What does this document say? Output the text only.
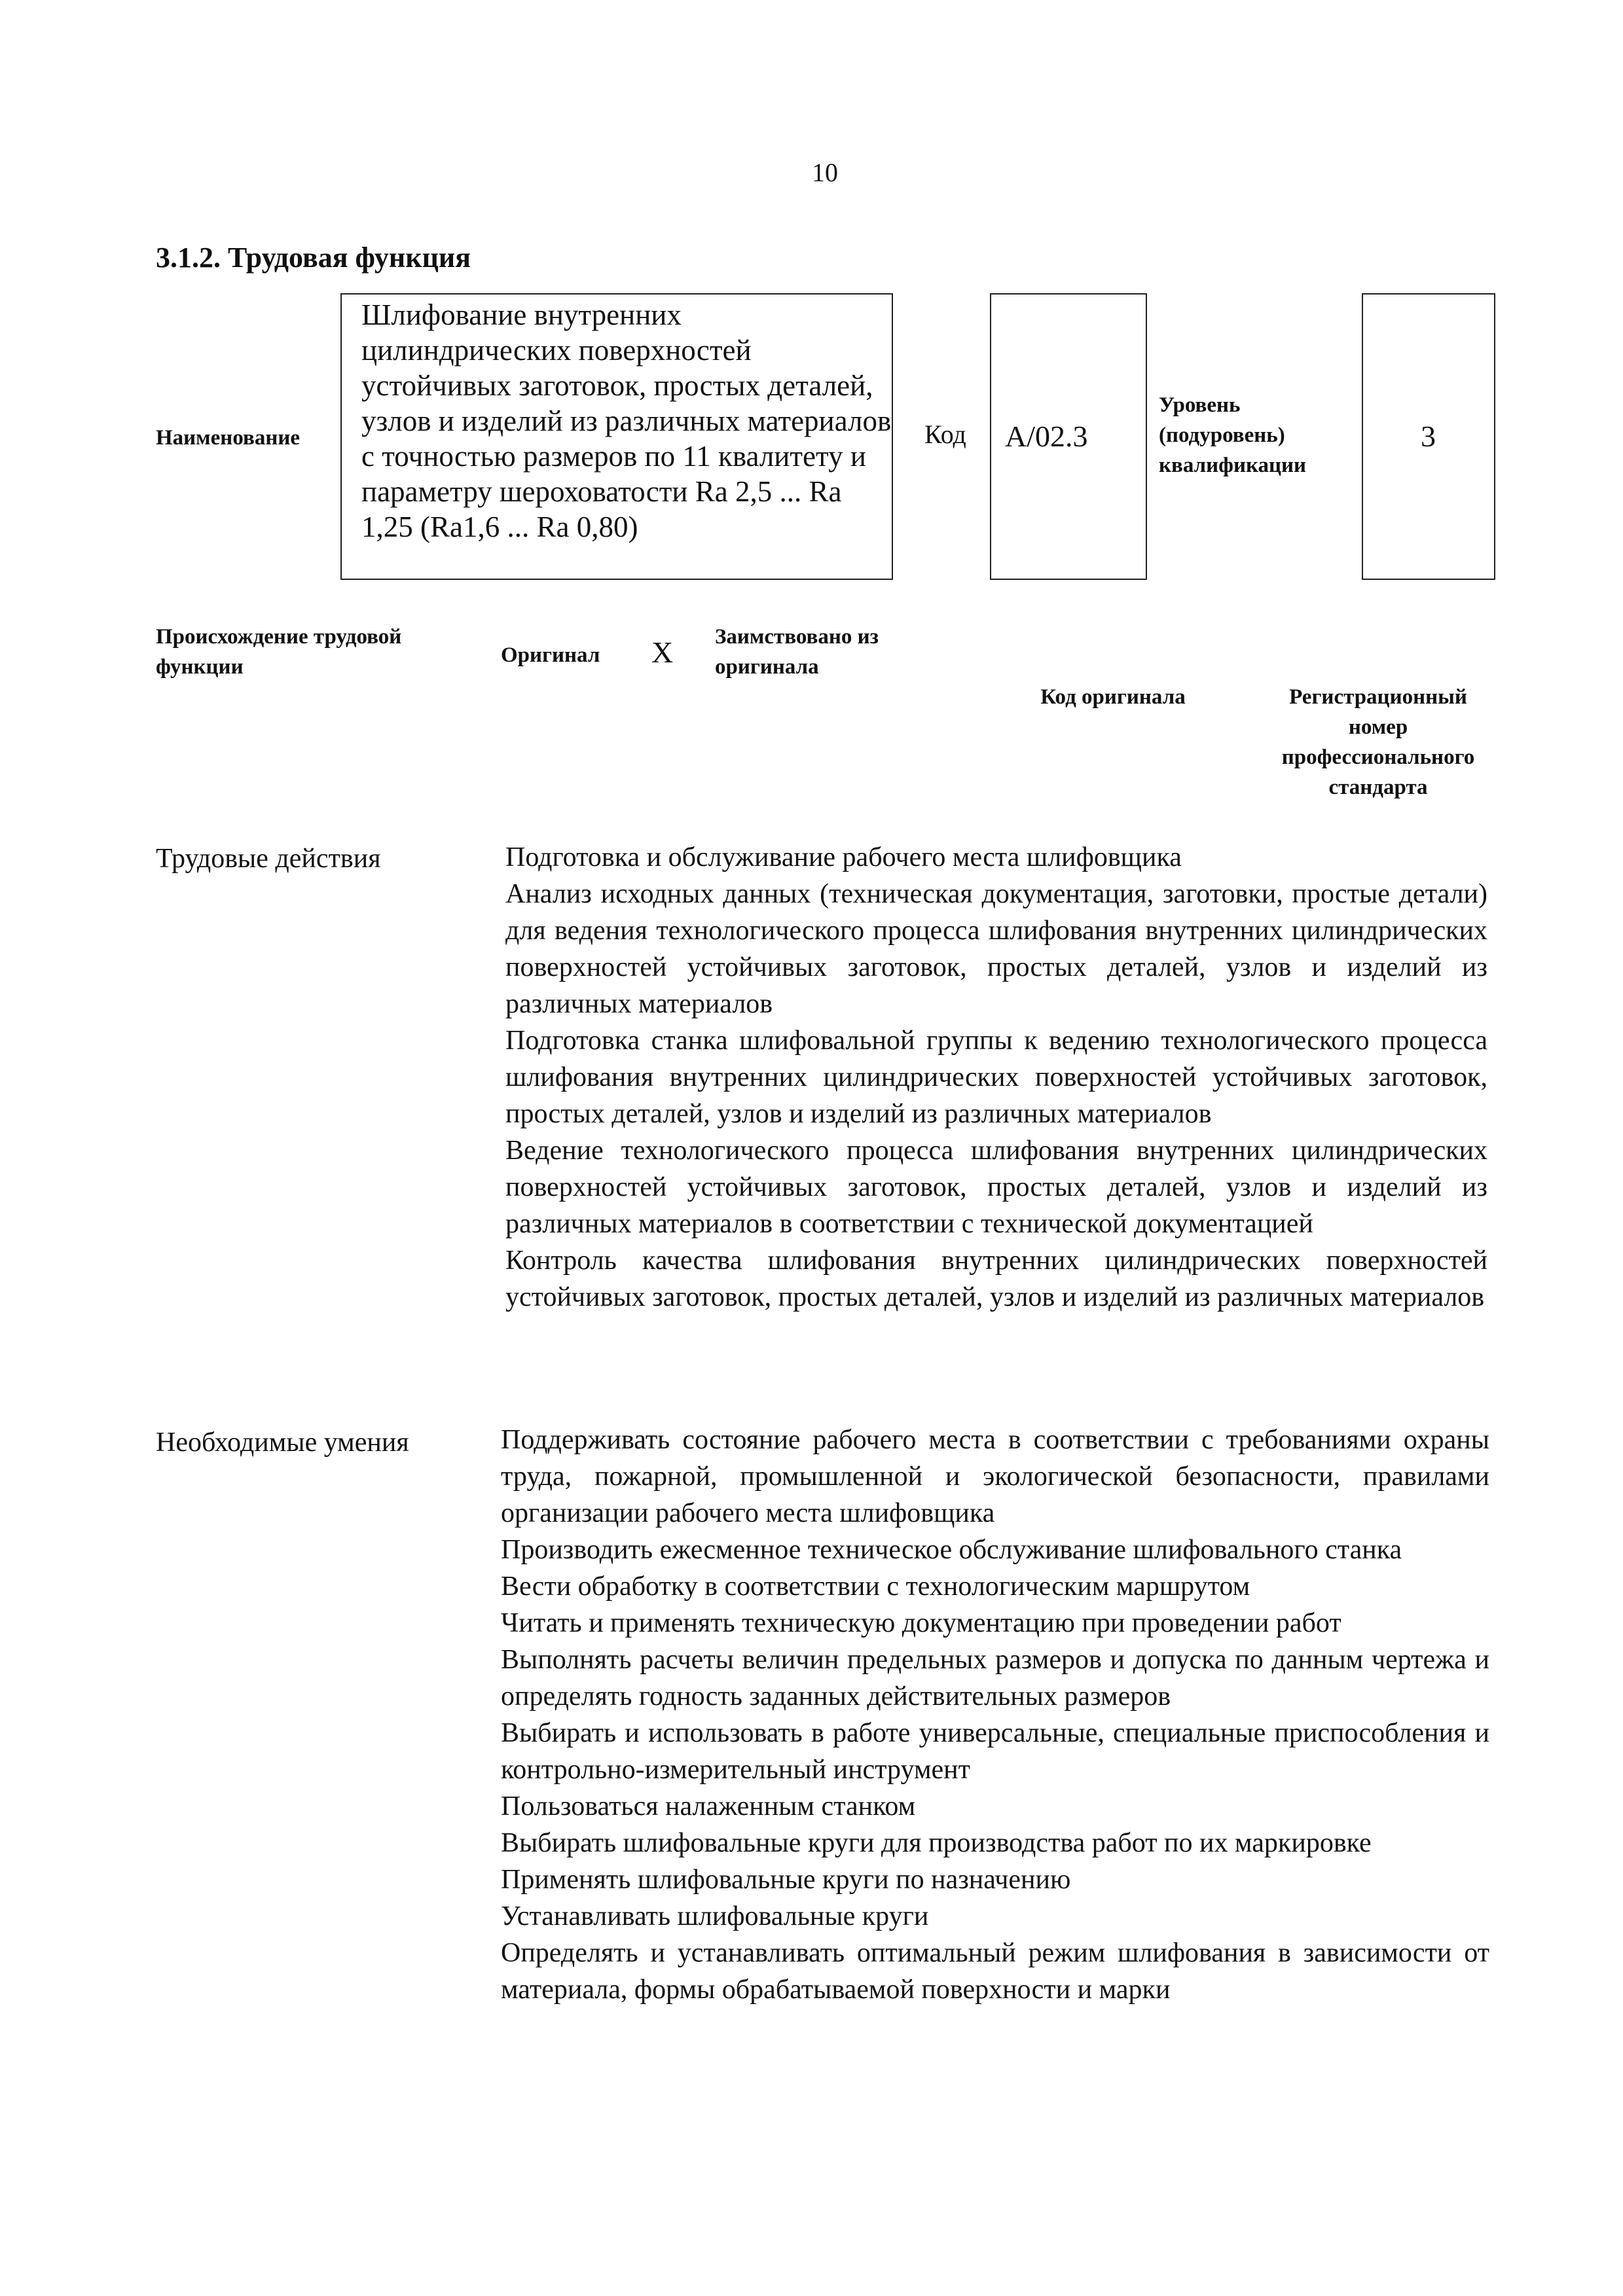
10
3.1.2. Трудовая функция
Наименование
Шлифование внутренних цилиндрических поверхностей устойчивых заготовок, простых деталей, узлов и изделий из различных материалов с точностью размеров по 11 квалитету и параметру шероховатости Ra 2,5 ... Ra 1,25 (Ra1,6 ... Ra 0,80)
Код А/02.3
Уровень (подуровень) квалификации
3
Происхождение трудовой функции	Оригинал X Заимствовано из оригинала
Код оригинала	Регистрационный номер профессионального стандарта
Трудовые действия	Подготовка и обслуживание рабочего места шлифовщика
Анализ исходных данных (техническая документация, заготовки, простые детали) для ведения технологического процесса шлифования внутренних цилиндрических поверхностей устойчивых заготовок, простых деталей, узлов и изделий из различных материалов
Подготовка станка шлифовальной группы к ведению технологического процесса шлифования внутренних цилиндрических поверхностей устойчивых заготовок, простых деталей, узлов и изделий из различных материалов
Ведение технологического процесса шлифования внутренних цилиндрических поверхностей устойчивых заготовок, простых деталей, узлов и изделий из различных материалов в соответствии с технической документацией
Контроль качества шлифования внутренних цилиндрических поверхностей устойчивых заготовок, простых деталей, узлов и изделий из различных материалов
Необходимые умения	Поддерживать состояние рабочего места в соответствии с требованиями охраны труда, пожарной, промышленной и экологической безопасности, правилами организации рабочего места шлифовщика
Производить ежесменное техническое обслуживание шлифовального станка
Вести обработку в соответствии с технологическим маршрутом
Читать и применять техническую документацию при проведении работ
Выполнять расчеты величин предельных размеров и допуска по данным чертежа и определять годность заданных действительных размеров
Выбирать и использовать в работе универсальные, специальные приспособления и контрольно-измерительный инструмент
Пользоваться налаженным станком
Выбирать шлифовальные круги для производства работ по их маркировке
Применять шлифовальные круги по назначению
Устанавливать шлифовальные круги
Определять и устанавливать оптимальный режим шлифования в зависимости от материала, формы обрабатываемой поверхности и марки
